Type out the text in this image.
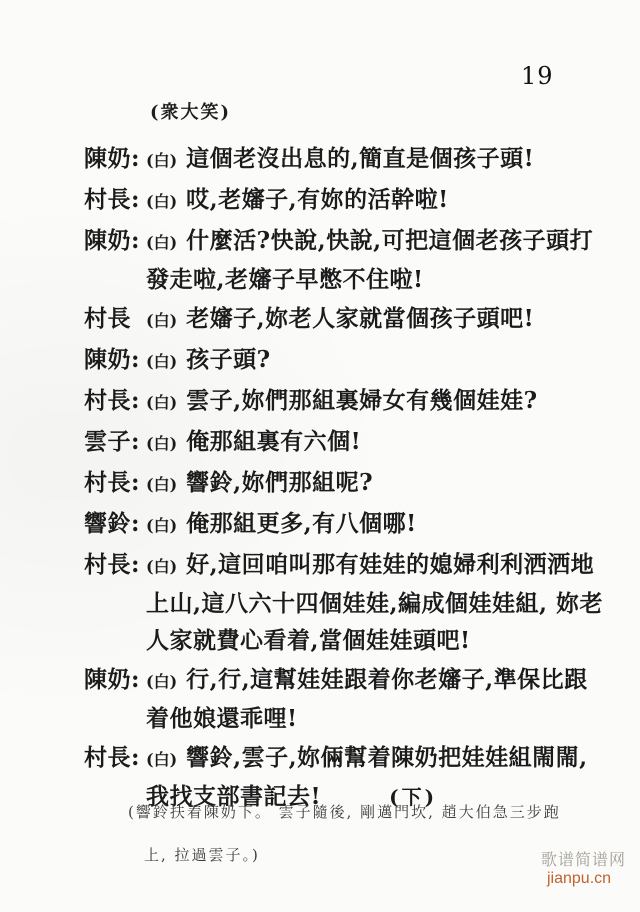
19
(衆大笑)
陳奶: (白) 這個老沒出息的,簡直是個孩子頭!
村長: (白) 哎,老嬸子,有妳的活幹啦!
陳奶: (白) 什麼活?快說,快說,可把這個老孩子頭打
發走啦,老嬸子早憋不住啦!
村長 (白) 老嬸子,妳老人家就當個孩子頭吧!
陳奶: (白) 孩子頭?
村長: (白) 雲子,妳們那組裏婦女有幾個娃娃?
雲子: (白) 俺那組裏有六個!
村長: (白) 響鈴,妳們那組呢?
響鈴: (白) 俺那組更多,有八個哪!
村長: (白) 好,這回咱叫那有娃娃的媳婦利利洒洒地
上山,這八六十四個娃娃,編成個娃娃組, 妳老
人家就費心看着,當個娃娃頭吧!
陳奶: (白) 行,行,這幫娃娃跟着你老嬸子,準保比跟
着他娘還乖哩!
村長: (白) 響鈴,雲子,妳倆幫着陳奶把娃娃組閙閙,
我找支部書記去!	(下)
(響鈴扶着陳奶下。 雲子隨後, 剛邁門坎, 趙大伯急三步跑
上, 拉過雲子。)	歌谱简谱网
jianpu.cn
